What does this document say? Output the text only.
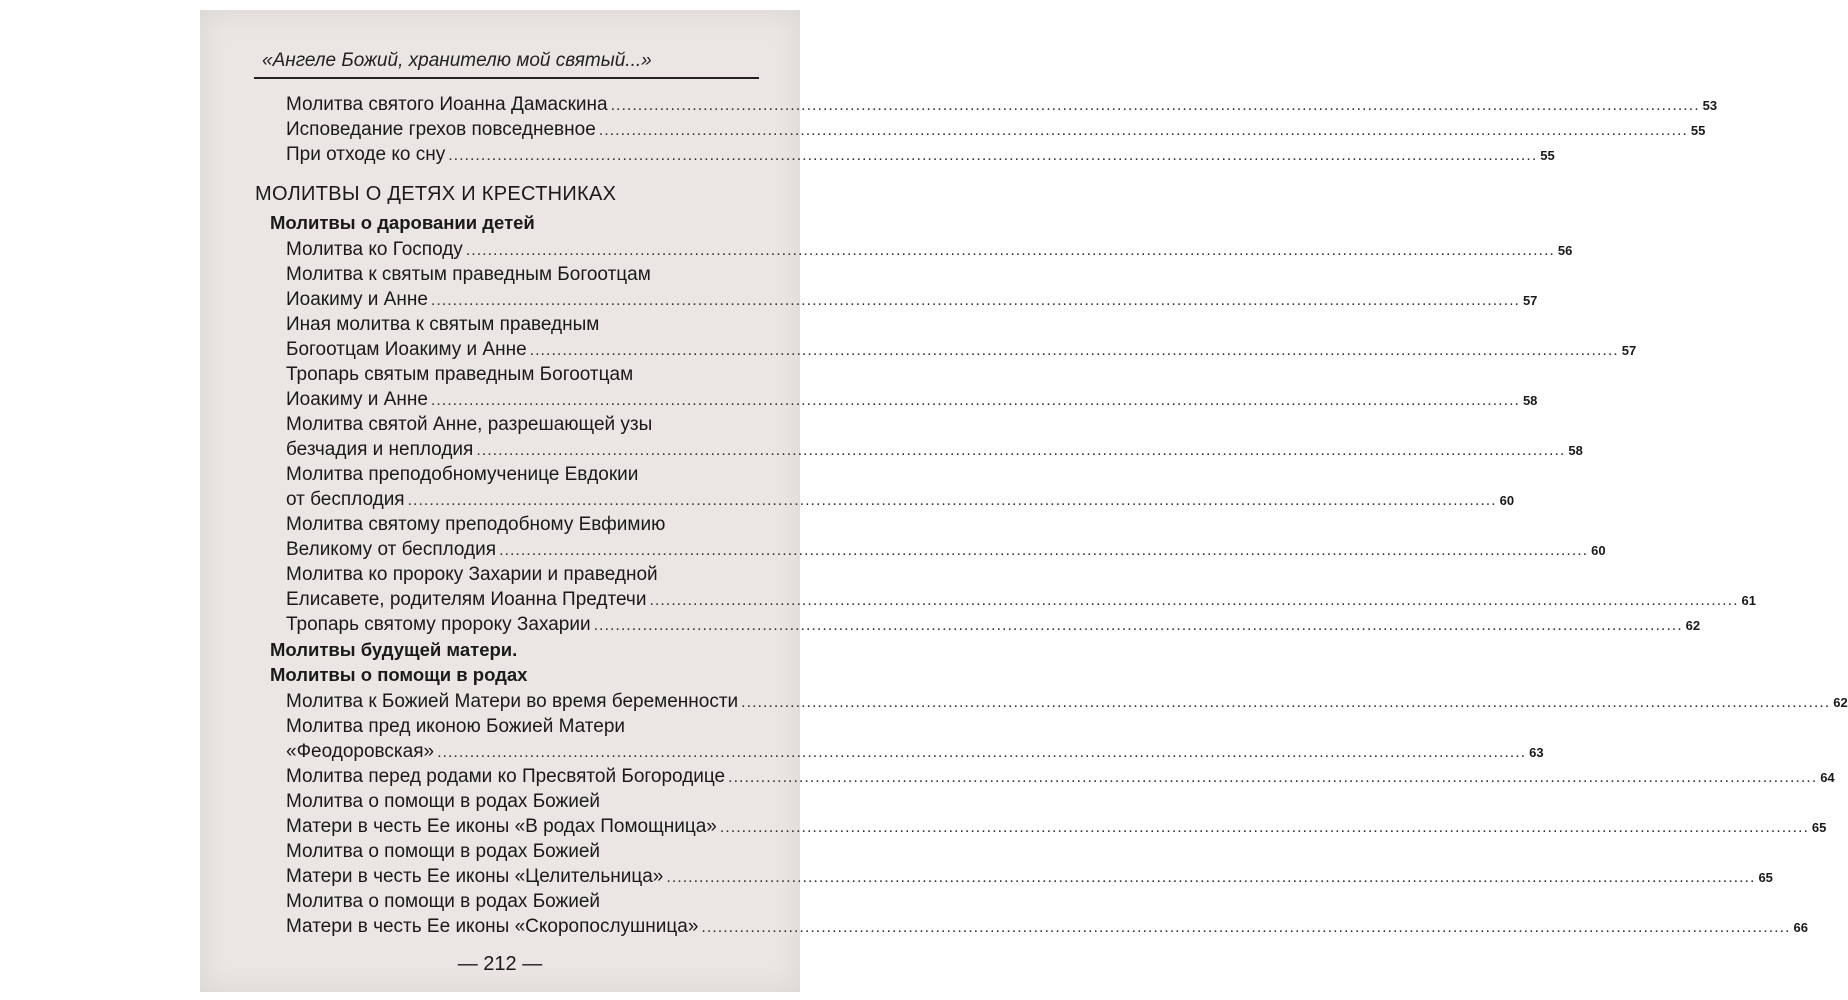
«Ангеле Божий, хранителю мой святый...»
МОЛИТВЫ О ДЕТЯХ И КРЕСТНИКАХ
Молитва святого Иоанна Дамаскина ........................................................................................................................................................................................................ 53
Исповедание грехов повседневное ........................................................................................................................................................................................................ 55
При отходе ко сну ........................................................................................................................................................................................................ 55
Молитвы о даровании детей
Молитва ко Господу ........................................................................................................................................................................................................ 56
Молитва к святым праведным Богоотцам
Иоакиму и Анне ........................................................................................................................................................................................................ 57
Иная молитва к святым праведным
Богоотцам Иоакиму и Анне ........................................................................................................................................................................................................ 57
Тропарь святым праведным Богоотцам
Иоакиму и Анне ........................................................................................................................................................................................................ 58
Молитва святой Анне, разрешающей узы
безчадия и неплодия ........................................................................................................................................................................................................ 58
Молитва преподобномученице Евдокии
от бесплодия ........................................................................................................................................................................................................ 60
Молитва святому преподобному Евфимию
Великому от бесплодия ........................................................................................................................................................................................................ 60
Молитва ко пророку Захарии и праведной
Елисавете, родителям Иоанна Предтечи ........................................................................................................................................................................................................ 61
Тропарь святому пророку Захарии ........................................................................................................................................................................................................ 62
Молитвы будущей матери.
Молитвы о помощи в родах
Молитва к Божией Матери во время беременности ........................................................................................................................................................................................................ 62
Молитва пред иконою Божией Матери
«Феодоровская» ........................................................................................................................................................................................................ 63
Молитва перед родами ко Пресвятой Богородице ........................................................................................................................................................................................................ 64
Молитва о помощи в родах Божией
Матери в честь Ее иконы «В родах Помощница» ........................................................................................................................................................................................................ 65
Молитва о помощи в родах Божией
Матери в честь Ее иконы «Целительница» ........................................................................................................................................................................................................ 65
Молитва о помощи в родах Божией
Матери в честь Ее иконы «Скоропослушница» ........................................................................................................................................................................................................ 66
— 212 —
